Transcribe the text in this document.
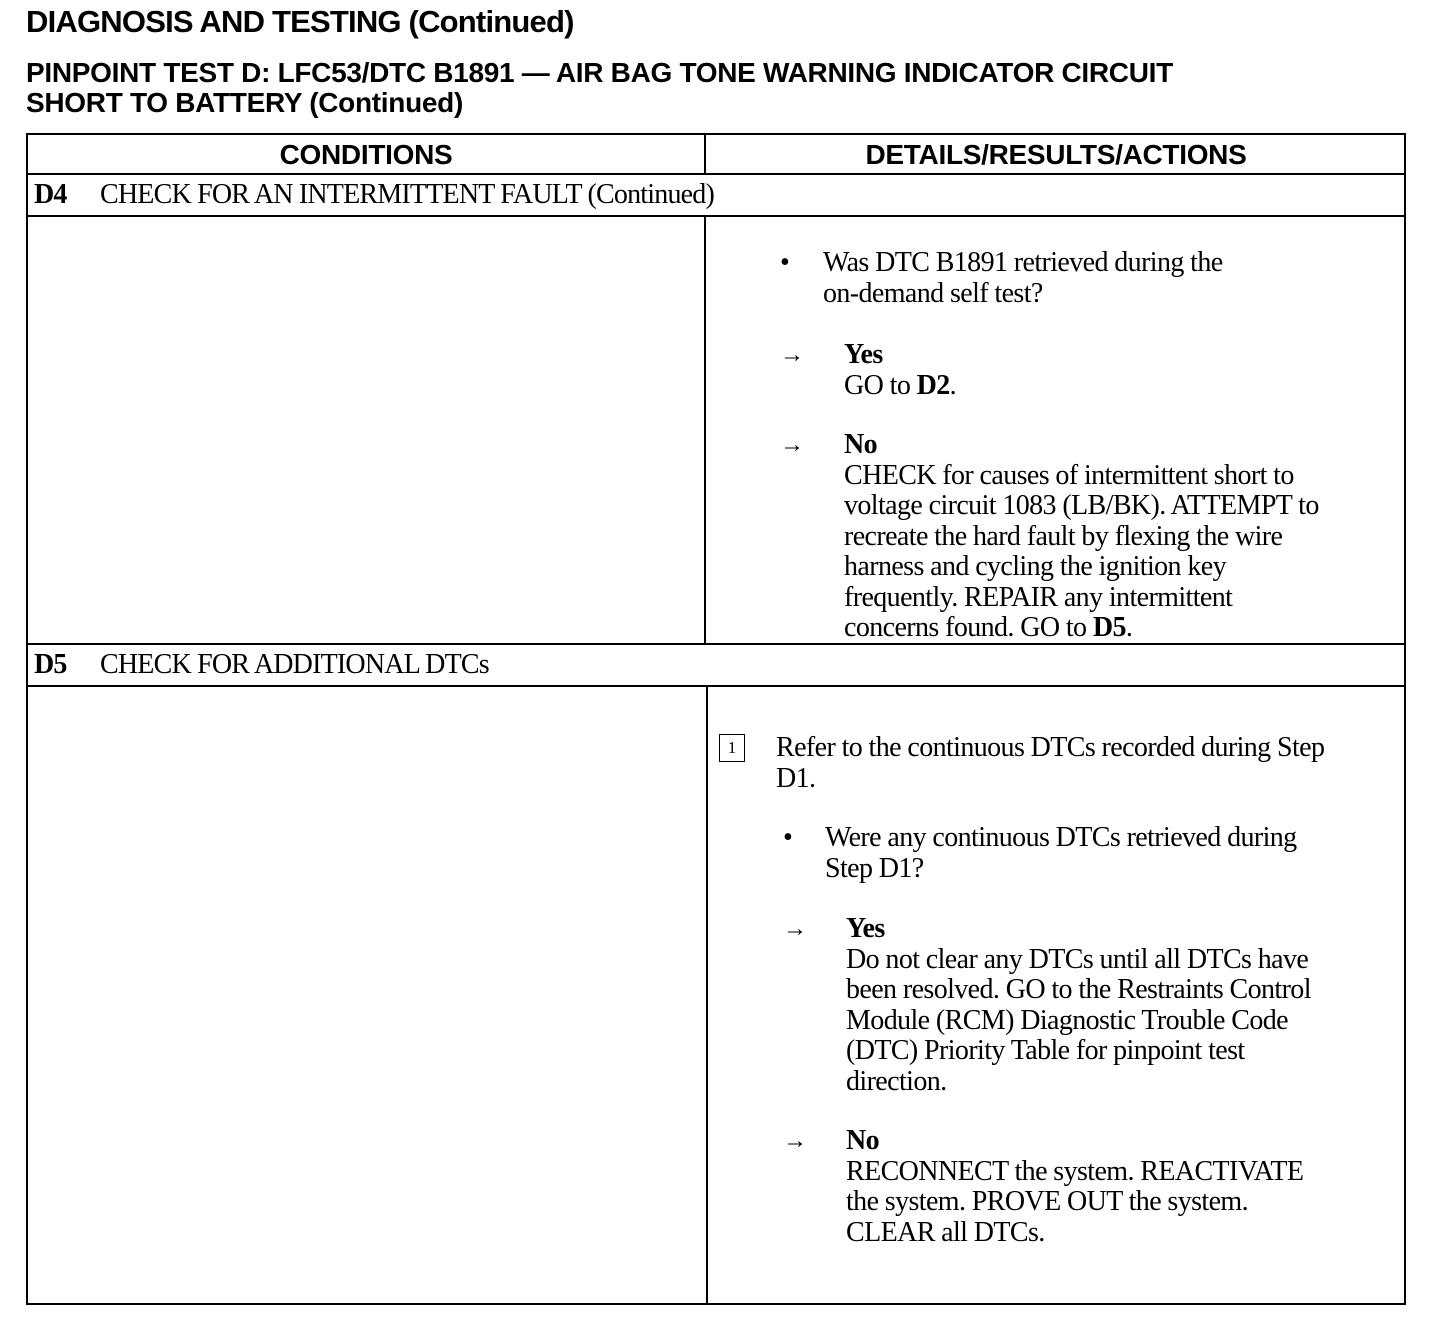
DIAGNOSIS AND TESTING (Continued)
PINPOINT TEST D: LFC53/DTC B1891 — AIR BAG TONE WARNING INDICATOR CIRCUIT
SHORT TO BATTERY (Continued)
CONDITIONS	DETAILS/RESULTS/ACTIONS
D4 CHECK FOR AN INTERMITTENT FAULT (Continued)
• Was DTC B1891 retrieved during the
on-demand self test?
→ Yes
GO to D2.
→ No
CHECK for causes of intermittent short to
voltage circuit 1083 (LB/BK). ATTEMPT to
recreate the hard fault by flexing the wire
harness and cycling the ignition key
frequently. REPAIR any intermittent
concerns found. GO to D5.
D5 CHECK FOR ADDITIONAL DTCs
1	Refer to the continuous DTCs recorded during Step
D1.
• Were any continuous DTCs retrieved during
Step D1?
→ Yes
Do not clear any DTCs until all DTCs have
been resolved. GO to the Restraints Control
Module (RCM) Diagnostic Trouble Code
(DTC) Priority Table for pinpoint test
direction.
→ No
RECONNECT the system. REACTIVATE
the system. PROVE OUT the system.
CLEAR all DTCs.
